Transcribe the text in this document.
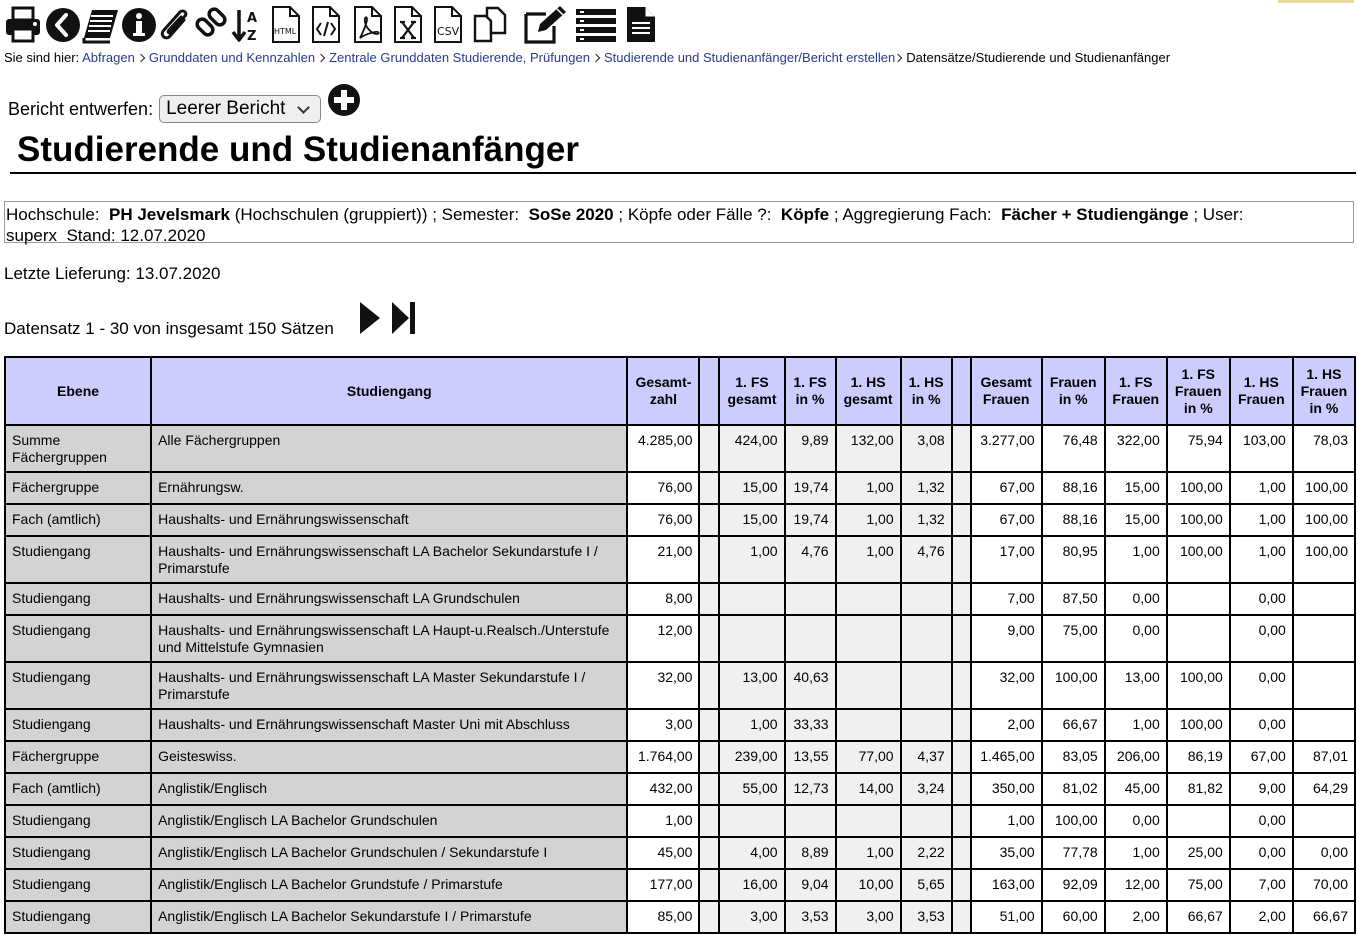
A
Z HTML	CSV
Sie sind hier: Abfragen Grunddaten und Kennzahlen Zentrale Grunddaten Studierende, Prüfungen Studierende und Studienanfänger/Bericht erstellen Datensätze/Studierende und Studienanfänger
Bericht entwerfen: Leerer Bericht
Studierende und Studienanfänger
Hochschule: PH Jevelsmark (Hochschulen (gruppiert)) ; Semester: SoSe 2020 ; Köpfe oder Fälle ?: Köpfe ; Aggregierung Fach: Fächer + Studiengänge ; User:
superx  Stand: 12.07.2020
Letzte Lieferung: 13.07.2020
Datensatz 1 - 30 von insgesamt 150 Sätzen
Ebene	Studiengang	Gesamt-zahl		1. FS gesamt	1. FS in %	1. HS gesamt	1. HS in %		Gesamt Frauen	Frauen in %	1. FS Frauen	1. FS Frauen in %	1. HS Frauen	1. HS Frauen in %
Summe Fächergruppen	Alle Fächergruppen	4.285,00		424,00	9,89	132,00	3,08		3.277,00	76,48	322,00	75,94	103,00	78,03
Fächergruppe	Ernährungsw.	76,00		15,00	19,74	1,00	1,32		67,00	88,16	15,00	100,00	1,00	100,00
Fach (amtlich)	Haushalts- und Ernährungswissenschaft	76,00		15,00	19,74	1,00	1,32		67,00	88,16	15,00	100,00	1,00	100,00
Studiengang	Haushalts- und Ernährungswissenschaft LA Bachelor Sekundarstufe I / Primarstufe	21,00		1,00	4,76	1,00	4,76		17,00	80,95	1,00	100,00	1,00	100,00
Studiengang	Haushalts- und Ernährungswissenschaft LA Grundschulen	8,00							7,00	87,50	0,00		0,00	
Studiengang	Haushalts- und Ernährungswissenschaft LA Haupt-u.Realsch./Unterstufe und Mittelstufe Gymnasien	12,00							9,00	75,00	0,00		0,00	
Studiengang	Haushalts- und Ernährungswissenschaft LA Master Sekundarstufe I / Primarstufe	32,00		13,00	40,63				32,00	100,00	13,00	100,00	0,00	
Studiengang	Haushalts- und Ernährungswissenschaft Master Uni mit Abschluss	3,00		1,00	33,33				2,00	66,67	1,00	100,00	0,00	
Fächergruppe	Geisteswiss.	1.764,00		239,00	13,55	77,00	4,37		1.465,00	83,05	206,00	86,19	67,00	87,01
Fach (amtlich)	Anglistik/Englisch	432,00		55,00	12,73	14,00	3,24		350,00	81,02	45,00	81,82	9,00	64,29
Studiengang	Anglistik/Englisch LA Bachelor Grundschulen	1,00							1,00	100,00	0,00		0,00	
Studiengang	Anglistik/Englisch LA Bachelor Grundschulen / Sekundarstufe I	45,00		4,00	8,89	1,00	2,22		35,00	77,78	1,00	25,00	0,00	0,00
Studiengang	Anglistik/Englisch LA Bachelor Grundstufe / Primarstufe	177,00		16,00	9,04	10,00	5,65		163,00	92,09	12,00	75,00	7,00	70,00
Studiengang	Anglistik/Englisch LA Bachelor Sekundarstufe I / Primarstufe	85,00		3,00	3,53	3,00	3,53		51,00	60,00	2,00	66,67	2,00	66,67
